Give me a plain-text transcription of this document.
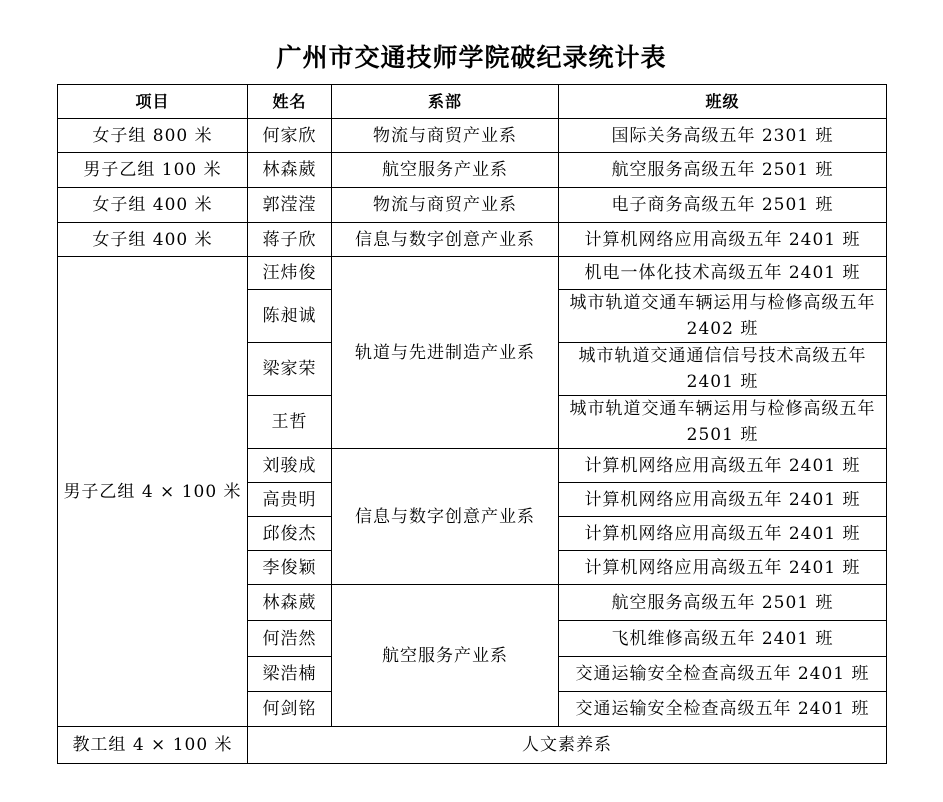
广州市交通技师学院破纪录统计表
项目	姓名	系部	班级
女子组 800 米	何家欣	物流与商贸产业系	国际关务高级五年 2301 班
男子乙组 100 米	林森葳	航空服务产业系	航空服务高级五年 2501 班
女子组 400 米	郭滢滢	物流与商贸产业系	电子商务高级五年 2501 班
女子组 400 米	蒋子欣	信息与数字创意产业系	计算机网络应用高级五年 2401 班
男子乙组 4 × 100 米	汪炜俊	轨道与先进制造产业系	机电一体化技术高级五年 2401 班
	陈昶诚		城市轨道交通车辆运用与检修高级五年 2402 班
	梁家荣		城市轨道交通通信信号技术高级五年 2401 班
	王哲		城市轨道交通车辆运用与检修高级五年 2501 班
	刘骏成	信息与数字创意产业系	计算机网络应用高级五年 2401 班
	高贵明		计算机网络应用高级五年 2401 班
	邱俊杰		计算机网络应用高级五年 2401 班
	李俊颖		计算机网络应用高级五年 2401 班
	林森葳	航空服务产业系	航空服务高级五年 2501 班
	何浩然		飞机维修高级五年 2401 班
	梁浩楠		交通运输安全检查高级五年 2401 班
	何剑铭		交通运输安全检查高级五年 2401 班
教工组 4 × 100 米	人文素养系		
